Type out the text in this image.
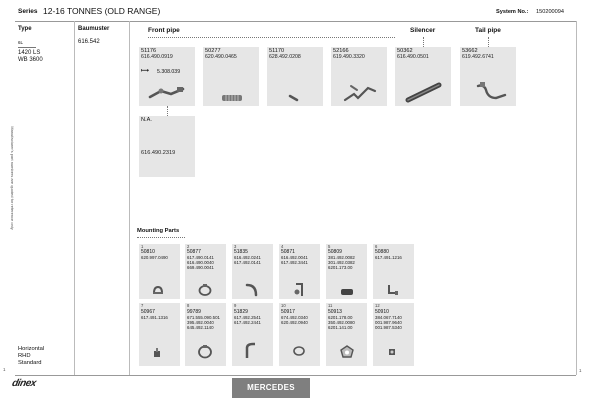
Series 12-16 TONNES (OLD RANGE)	System No.: 150200094
Manufacturer's part numbers are quoted for reference only
1
Type	Baumuster
6L
1420 LS
WB 3600
616.542
Horizontal
RHD
Standard
Front pipe	Silencer	Tail pipe
51176
616.490.0919
⟼ 5.308.039
50277
620.490.0465
51170
628.492.0208
52166
619.490.3320
50362
616.490.0501
53662
619.492.6741
N.A.
616.490.2319
Mounting Parts
1
50810
620.997.0490
2
50877
617.490.0141
616.490.0040
669.490.0041
3
51835
616.492.0241
617.492.0141
4
50871
616.492.0041
617.492.3441
5
50809
381.492.0082
301.492.0382
6201.173.00
6
50880
617.491.1216
7
50967
617.491.1316
8
99789
671.555.090.501
395.492.0040
645.492.1140
9
51829
617.492.2541
617.492.2441
10
50917
674.492.0340
620.492.0940
11
50913
6201.178.00
350.492.0080
6201.141.00
12
50910
384.067.7140
001.987.9640
001.987.5340
dinex	MERCEDES
1
